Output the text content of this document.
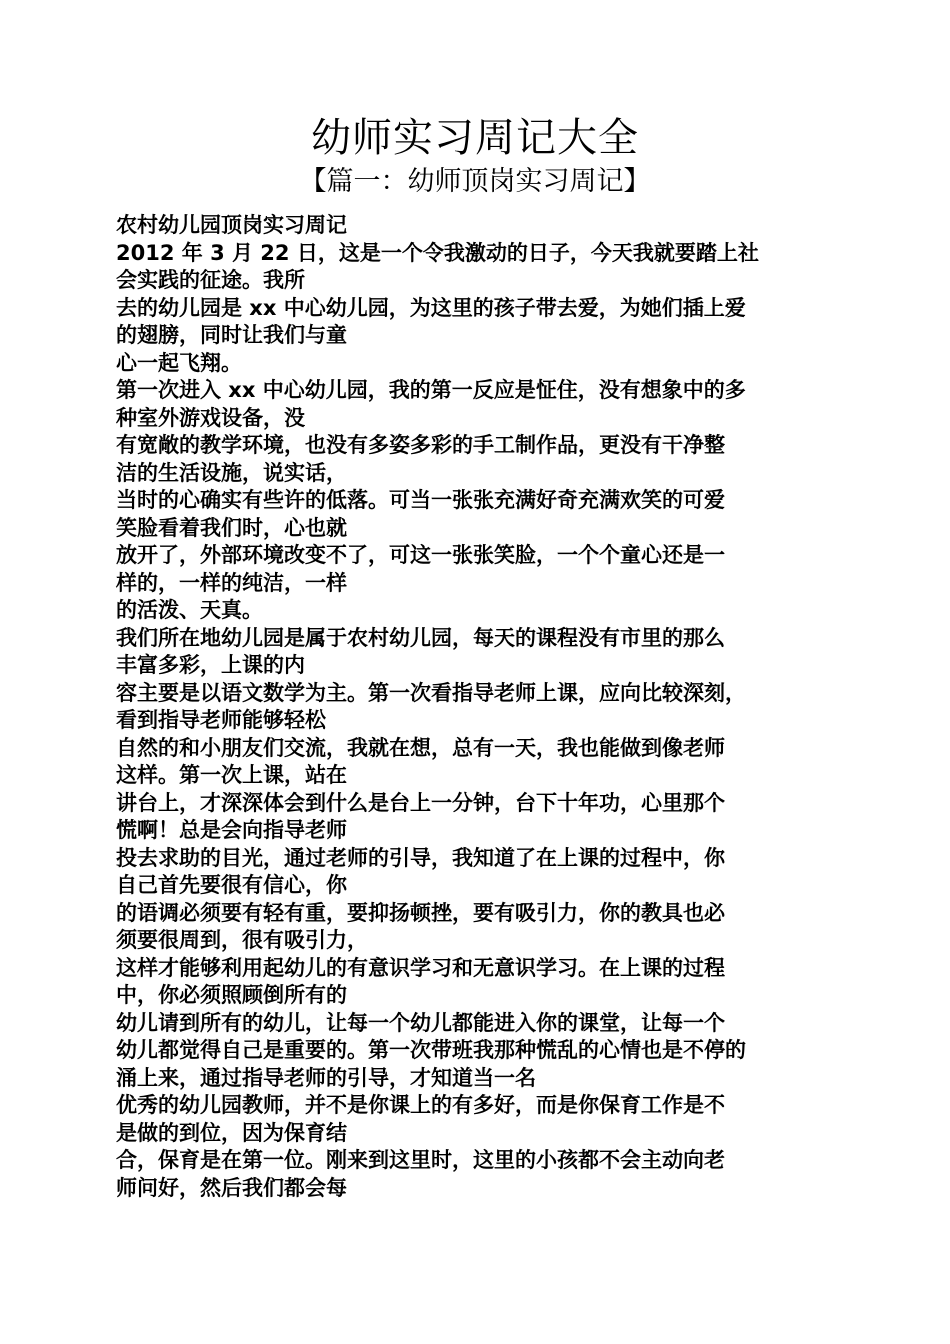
幼师实习周记大全
【篇一：幼师顶岗实习周记】
农村幼儿园顶岗实习周记
2012 年 3 月 22 日，这是一个令我激动的日子，今天我就要踏上社
会实践的征途。我所
去的幼儿园是 xx 中心幼儿园，为这里的孩子带去爱，为她们插上爱
的翅膀，同时让我们与童
心一起飞翔。
第一次进入 xx 中心幼儿园，我的第一反应是怔住，没有想象中的多
种室外游戏设备，没
有宽敞的教学环境，也没有多姿多彩的手工制作品，更没有干净整
洁的生活设施，说实话，
当时的心确实有些许的低落。可当一张张充满好奇充满欢笑的可爱
笑脸看着我们时，心也就
放开了，外部环境改变不了，可这一张张笑脸，一个个童心还是一
样的，一样的纯洁，一样
的活泼、天真。
我们所在地幼儿园是属于农村幼儿园，每天的课程没有市里的那么
丰富多彩，上课的内
容主要是以语文数学为主。第一次看指导老师上课，应向比较深刻，
看到指导老师能够轻松
自然的和小朋友们交流，我就在想，总有一天，我也能做到像老师
这样。第一次上课，站在
讲台上，才深深体会到什么是台上一分钟，台下十年功，心里那个
慌啊！总是会向指导老师
投去求助的目光，通过老师的引导，我知道了在上课的过程中，你
自己首先要很有信心，你
的语调必须要有轻有重，要抑扬顿挫，要有吸引力，你的教具也必
须要很周到，很有吸引力，
这样才能够利用起幼儿的有意识学习和无意识学习。在上课的过程
中，你必须照顾倒所有的
幼儿请到所有的幼儿，让每一个幼儿都能进入你的课堂，让每一个
幼儿都觉得自己是重要的。第一次带班我那种慌乱的心情也是不停的
涌上来，通过指导老师的引导，才知道当一名
优秀的幼儿园教师，并不是你课上的有多好，而是你保育工作是不
是做的到位，因为保育结
合，保育是在第一位。刚来到这里时，这里的小孩都不会主动向老
师问好，然后我们都会每
